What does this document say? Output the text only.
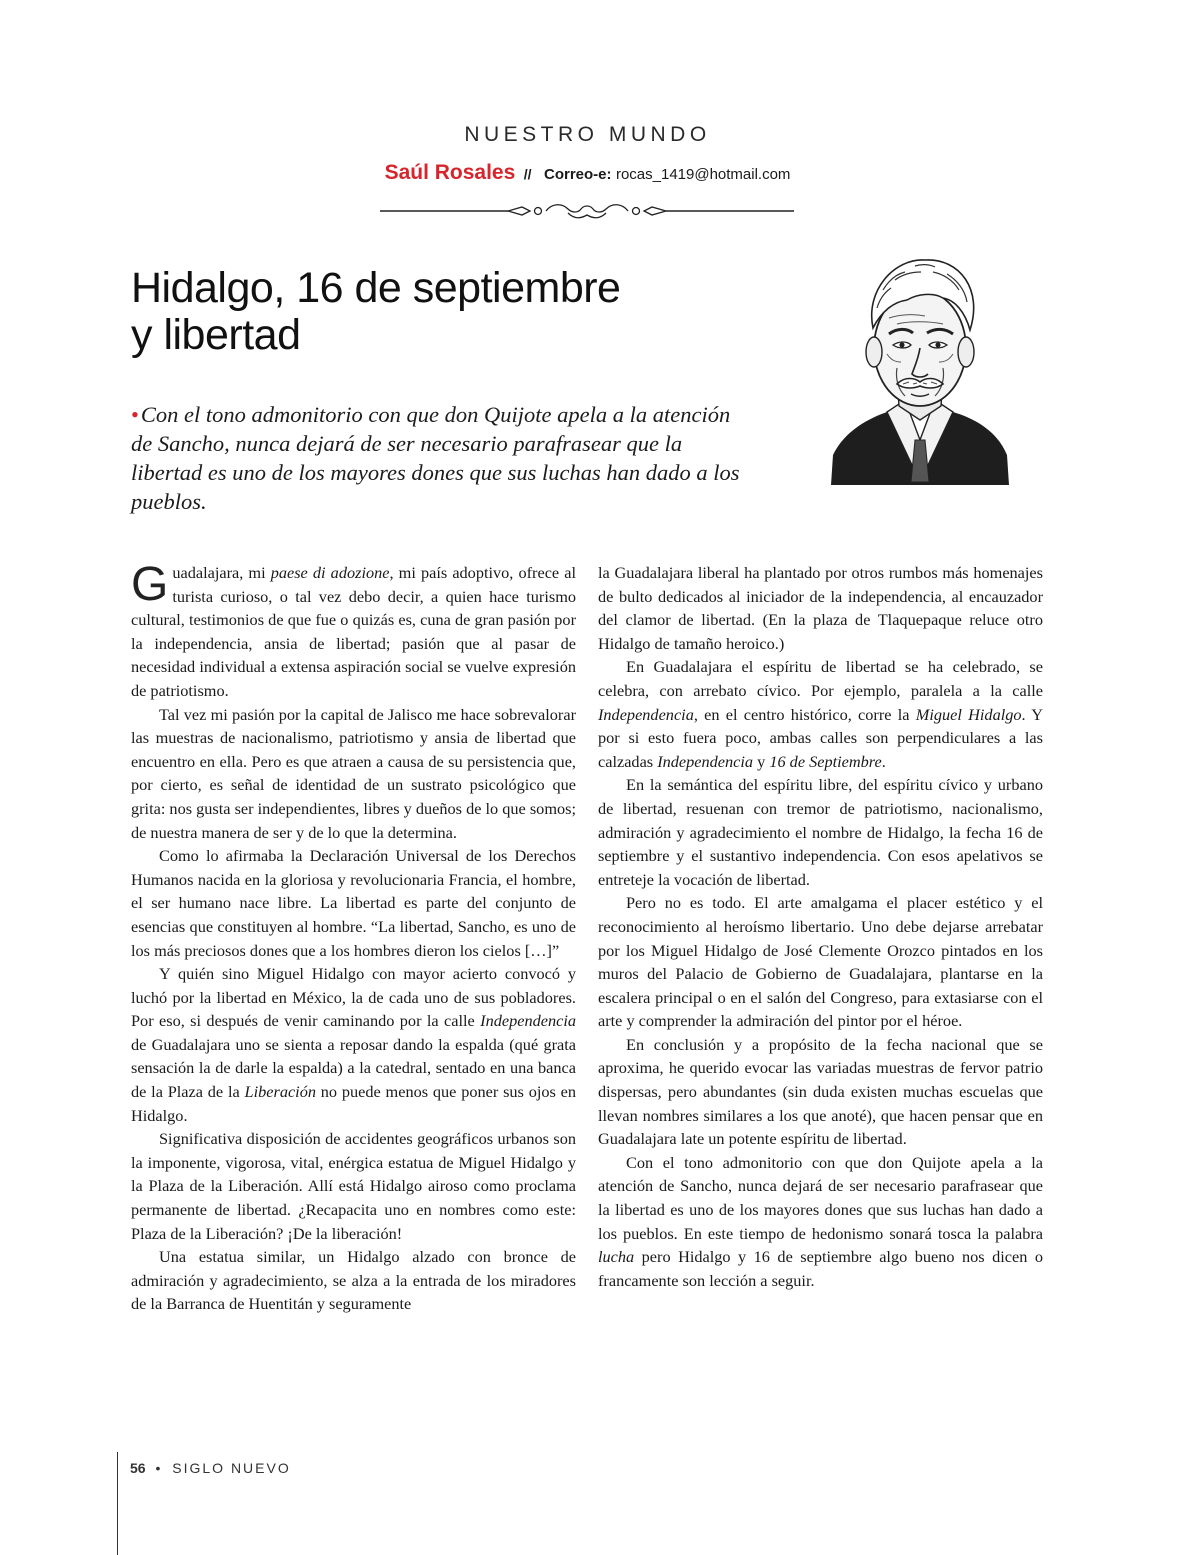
NUESTRO MUNDO
Saúl Rosales // Correo-e: rocas_1419@hotmail.com
Hidalgo, 16 de septiembre
y libertad

•Con el tono admonitorio con que don Quijote apela a la atención de Sancho, nunca dejará de ser necesario parafrasear que la libertad es uno de los mayores dones que sus luchas han dado a los pueblos.

Guadalajara, mi paese di adozione, mi país adoptivo, ofrece al turista curioso, o tal vez debo decir, a quien hace turismo cultural, testimonios de que fue o quizás es, cuna de gran pasión por la independencia, ansia de libertad; pasión que al pasar de necesidad individual a extensa aspiración social se vuelve expresión de patriotismo.

Tal vez mi pasión por la capital de Jalisco me hace sobrevalorar las muestras de nacionalismo, patriotismo y ansia de libertad que encuentro en ella. Pero es que atraen a causa de su persistencia que, por cierto, es señal de identidad de un sustrato psicológico que grita: nos gusta ser independientes, libres y dueños de lo que somos; de nuestra manera de ser y de lo que la determina.

Como lo afirmaba la Declaración Universal de los Derechos Humanos nacida en la gloriosa y revolucionaria Francia, el hombre, el ser humano nace libre. La libertad es parte del conjunto de esencias que constituyen al hombre. “La libertad, Sancho, es uno de los más preciosos dones que a los hombres dieron los cielos […]”

Y quién sino Miguel Hidalgo con mayor acierto convocó y luchó por la libertad en México, la de cada uno de sus pobladores. Por eso, si después de venir caminando por la calle Independencia de Guadalajara uno se sienta a reposar dando la espalda (qué grata sensación la de darle la espalda) a la catedral, sentado en una banca de la Plaza de la Liberación no puede menos que poner sus ojos en Hidalgo.

Significativa disposición de accidentes geográficos urbanos son la imponente, vigorosa, vital, enérgica estatua de Miguel Hidalgo y la Plaza de la Liberación. Allí está Hidalgo airoso como proclama permanente de libertad. ¿Recapacita uno en nombres como este: Plaza de la Liberación? ¡De la liberación!

Una estatua similar, un Hidalgo alzado con bronce de admiración y agradecimiento, se alza a la entrada de los miradores de la Barranca de Huentitán y seguramente

la Guadalajara liberal ha plantado por otros rumbos más homenajes de bulto dedicados al iniciador de la independencia, al encauzador del clamor de libertad. (En la plaza de Tlaquepaque reluce otro Hidalgo de tamaño heroico.)

En Guadalajara el espíritu de libertad se ha celebrado, se celebra, con arrebato cívico. Por ejemplo, paralela a la calle Independencia, en el centro histórico, corre la Miguel Hidalgo. Y por si esto fuera poco, ambas calles son perpendiculares a las calzadas Independencia y 16 de Septiembre.

En la semántica del espíritu libre, del espíritu cívico y urbano de libertad, resuenan con tremor de patriotismo, nacionalismo, admiración y agradecimiento el nombre de Hidalgo, la fecha 16 de septiembre y el sustantivo independencia. Con esos apelativos se entreteje la vocación de libertad.

Pero no es todo. El arte amalgama el placer estético y el reconocimiento al heroísmo libertario. Uno debe dejarse arrebatar por los Miguel Hidalgo de José Clemente Orozco pintados en los muros del Palacio de Gobierno de Guadalajara, plantarse en la escalera principal o en el salón del Congreso, para extasiarse con el arte y comprender la admiración del pintor por el héroe.

En conclusión y a propósito de la fecha nacional que se aproxima, he querido evocar las variadas muestras de fervor patrio dispersas, pero abundantes (sin duda existen muchas escuelas que llevan nombres similares a los que anoté), que hacen pensar que en Guadalajara late un potente espíritu de libertad.

Con el tono admonitorio con que don Quijote apela a la atención de Sancho, nunca dejará de ser necesario parafrasear que la libertad es uno de los mayores dones que sus luchas han dado a los pueblos. En este tiempo de hedonismo sonará tosca la palabra lucha pero Hidalgo y 16 de septiembre algo bueno nos dicen o francamente son lección a seguir.

56 • SIGLO NUEVO
